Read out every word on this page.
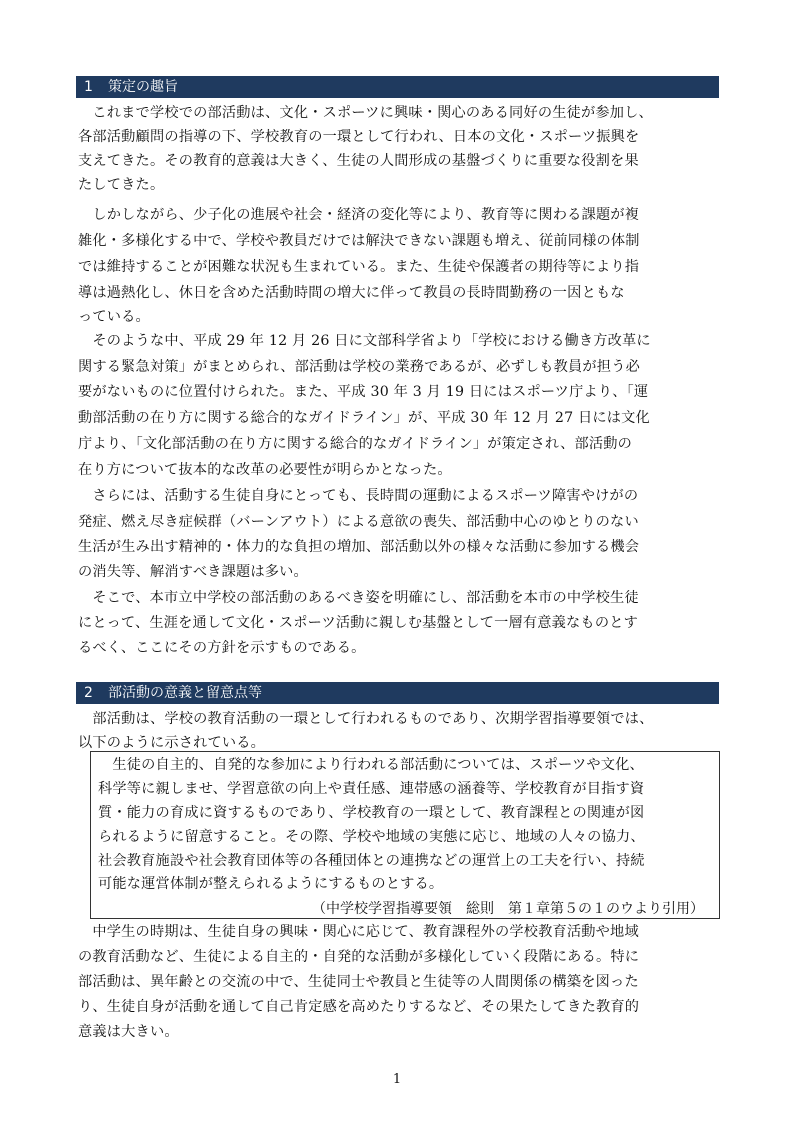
1 策定の趣旨
　これまで学校での部活動は、文化・スポーツに興味・関心のある同好の生徒が参加し、
各部活動顧問の指導の下、学校教育の一環として行われ、日本の文化・スポーツ振興を
支えてきた。その教育的意義は大きく、生徒の人間形成の基盤づくりに重要な役割を果
たしてきた。
　しかしながら、少子化の進展や社会・経済の変化等により、教育等に関わる課題が複
雑化・多様化する中で、学校や教員だけでは解決できない課題も増え、従前同様の体制
では維持することが困難な状況も生まれている。また、生徒や保護者の期待等により指
導は過熱化し、休日を含めた活動時間の増大に伴って教員の長時間勤務の一因ともな
っている。
　そのような中、平成 29 年 12 月 26 日に文部科学省より「学校における働き方改革に
関する緊急対策」がまとめられ、部活動は学校の業務であるが、必ずしも教員が担う必
要がないものに位置付けられた。また、平成 30 年 3 月 19 日にはスポーツ庁より、「運
動部活動の在り方に関する総合的なガイドライン」が、平成 30 年 12 月 27 日には文化
庁より、「文化部活動の在り方に関する総合的なガイドライン」が策定され、部活動の
在り方について抜本的な改革の必要性が明らかとなった。
　さらには、活動する生徒自身にとっても、長時間の運動によるスポーツ障害やけがの
発症、燃え尽き症候群（バーンアウト）による意欲の喪失、部活動中心のゆとりのない
生活が生み出す精神的・体力的な負担の増加、部活動以外の様々な活動に参加する機会
の消失等、解消すべき課題は多い。
　そこで、本市立中学校の部活動のあるべき姿を明確にし、部活動を本市の中学校生徒
にとって、生涯を通して文化・スポーツ活動に親しむ基盤として一層有意義なものとす
るべく、ここにその方針を示すものである。
2 部活動の意義と留意点等
　部活動は、学校の教育活動の一環として行われるものであり、次期学習指導要領では、
以下のように示されている。
　生徒の自主的、自発的な参加により行われる部活動については、スポーツや文化、
科学等に親しませ、学習意欲の向上や責任感、連帯感の涵養等、学校教育が目指す資
質・能力の育成に資するものであり、学校教育の一環として、教育課程との関連が図
られるように留意すること。その際、学校や地域の実態に応じ、地域の人々の協力、
社会教育施設や社会教育団体等の各種団体との連携などの運営上の工夫を行い、持続
可能な運営体制が整えられるようにするものとする。
（中学校学習指導要領　総則　第１章第５の１のウより引用）
　中学生の時期は、生徒自身の興味・関心に応じて、教育課程外の学校教育活動や地域
の教育活動など、生徒による自主的・自発的な活動が多様化していく段階にある。特に
部活動は、異年齢との交流の中で、生徒同士や教員と生徒等の人間関係の構築を図った
り、生徒自身が活動を通して自己肯定感を高めたりするなど、その果たしてきた教育的
意義は大きい。
1
